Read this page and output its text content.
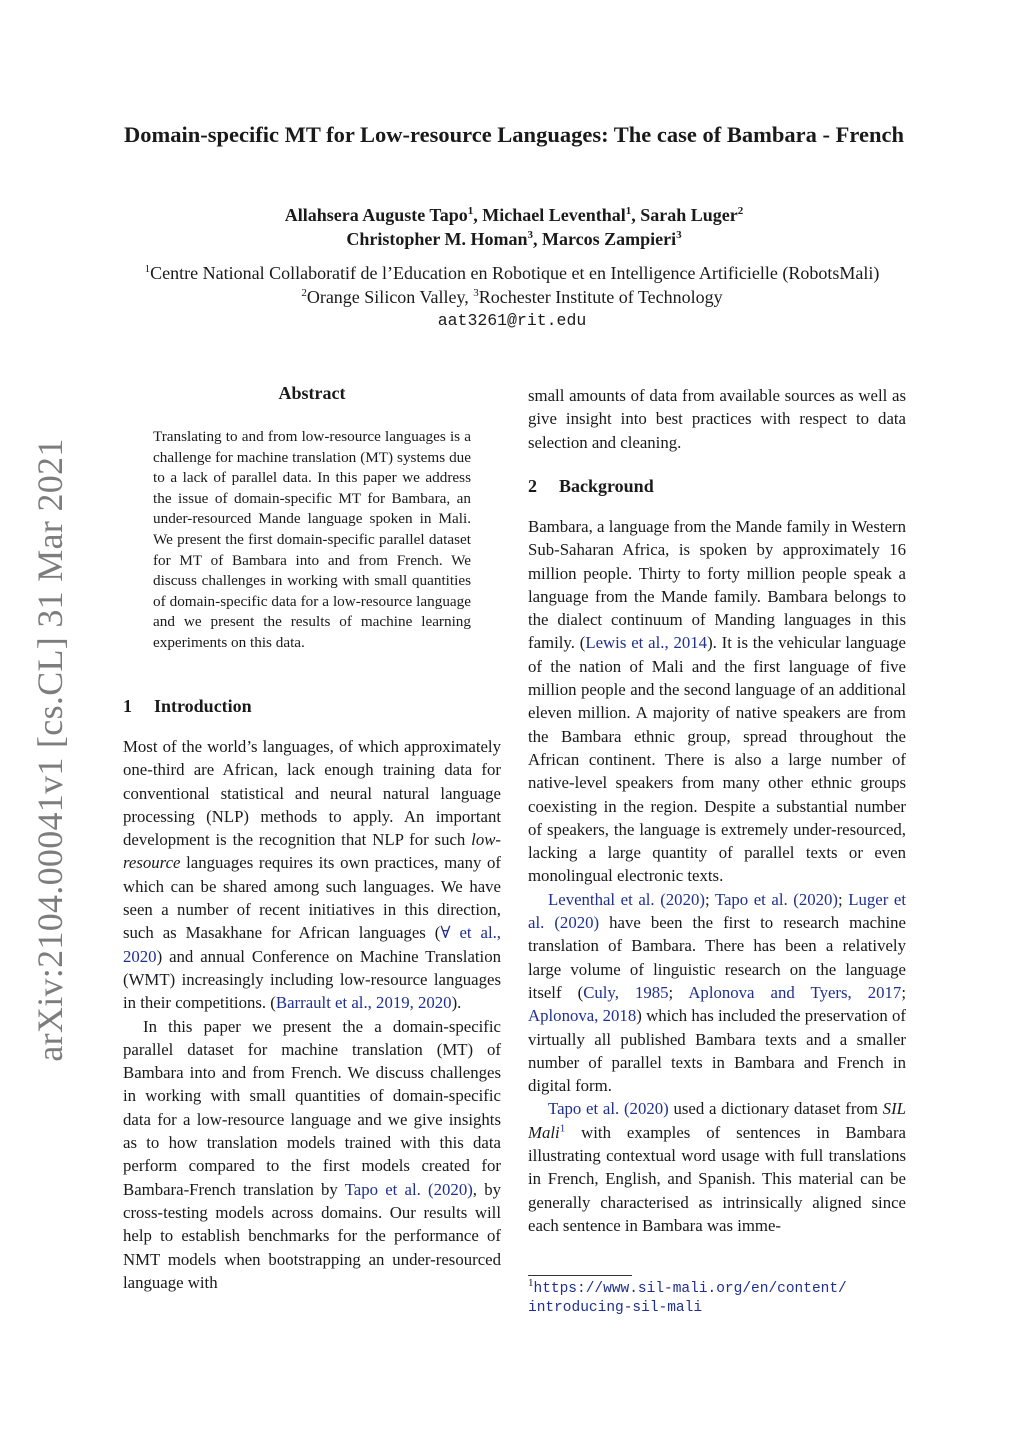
arXiv:2104.00041v1 [cs.CL] 31 Mar 2021
Domain-specific MT for Low-resource Languages: The case of Bambara - French
Allahsera Auguste Tapo$^1$, Michael Leventhal$^1$, Sarah Luger$^2$
Christopher M. Homan$^3$, Marcos Zampieri$^3$
$^1$Centre National Collaboratif de l’Education en Robotique et en Intelligence Artificielle (RobotsMali)
$^2$Orange Silicon Valley, $^3$Rochester Institute of Technology
aat3261@rit.edu
Abstract
Translating to and from low-resource languages is a challenge for machine translation (MT) systems due to a lack of parallel data. In this paper we address the issue of domain-specific MT for Bambara, an under-resourced Mande language spoken in Mali. We present the first domain-specific parallel dataset for MT of Bambara into and from French. We discuss challenges in working with small quantities of domain-specific data for a low-resource language and we present the results of machine learning experiments on this data.
1 Introduction

Most of the world’s languages, of which approximately one-third are African, lack enough training data for conventional statistical and neural natural language processing (NLP) methods to apply. An important development is the recognition that NLP for such low-resource languages requires its own practices, many of which can be shared among such languages. We have seen a number of recent initiatives in this direction, such as Masakhane for African languages (∀ et al., 2020) and annual Conference on Machine Translation (WMT) increasingly including low-resource languages in their competitions. (Barrault et al., 2019, 2020).

In this paper we present the a domain-specific parallel dataset for machine translation (MT) of Bambara into and from French. We discuss challenges in working with small quantities of domain-specific data for a low-resource language and we give insights as to how translation models trained with this data perform compared to the first models created for Bambara-French translation by Tapo et al. (2020), by cross-testing models across domains. Our results will help to establish benchmarks for the performance of NMT models when bootstrapping an under-resourced language with

small amounts of data from available sources as well as give insight into best practices with respect to data selection and cleaning.

2 Background

Bambara, a language from the Mande family in Western Sub-Saharan Africa, is spoken by approximately 16 million people. Thirty to forty million people speak a language from the Mande family. Bambara belongs to the dialect continuum of Manding languages in this family. (Lewis et al., 2014). It is the vehicular language of the nation of Mali and the first language of five million people and the second language of an additional eleven million. A majority of native speakers are from the Bambara ethnic group, spread throughout the African continent. There is also a large number of native-level speakers from many other ethnic groups coexisting in the region. Despite a substantial number of speakers, the language is extremely under-resourced, lacking a large quantity of parallel texts or even monolingual electronic texts.

Leventhal et al. (2020); Tapo et al. (2020); Luger et al. (2020) have been the first to research machine translation of Bambara. There has been a relatively large volume of linguistic research on the language itself (Culy, 1985; Aplonova and Tyers, 2017; Aplonova, 2018) which has included the preservation of virtually all published Bambara texts and a smaller number of parallel texts in Bambara and French in digital form.

Tapo et al. (2020) used a dictionary dataset from SIL Mali$^1$ with examples of sentences in Bambara illustrating contextual word usage with full translations in French, English, and Spanish. This material can be generally characterised as intrinsically aligned since each sentence in Bambara was imme-

$^1$https://www.sil-mali.org/en/content/
introducing-sil-mali
